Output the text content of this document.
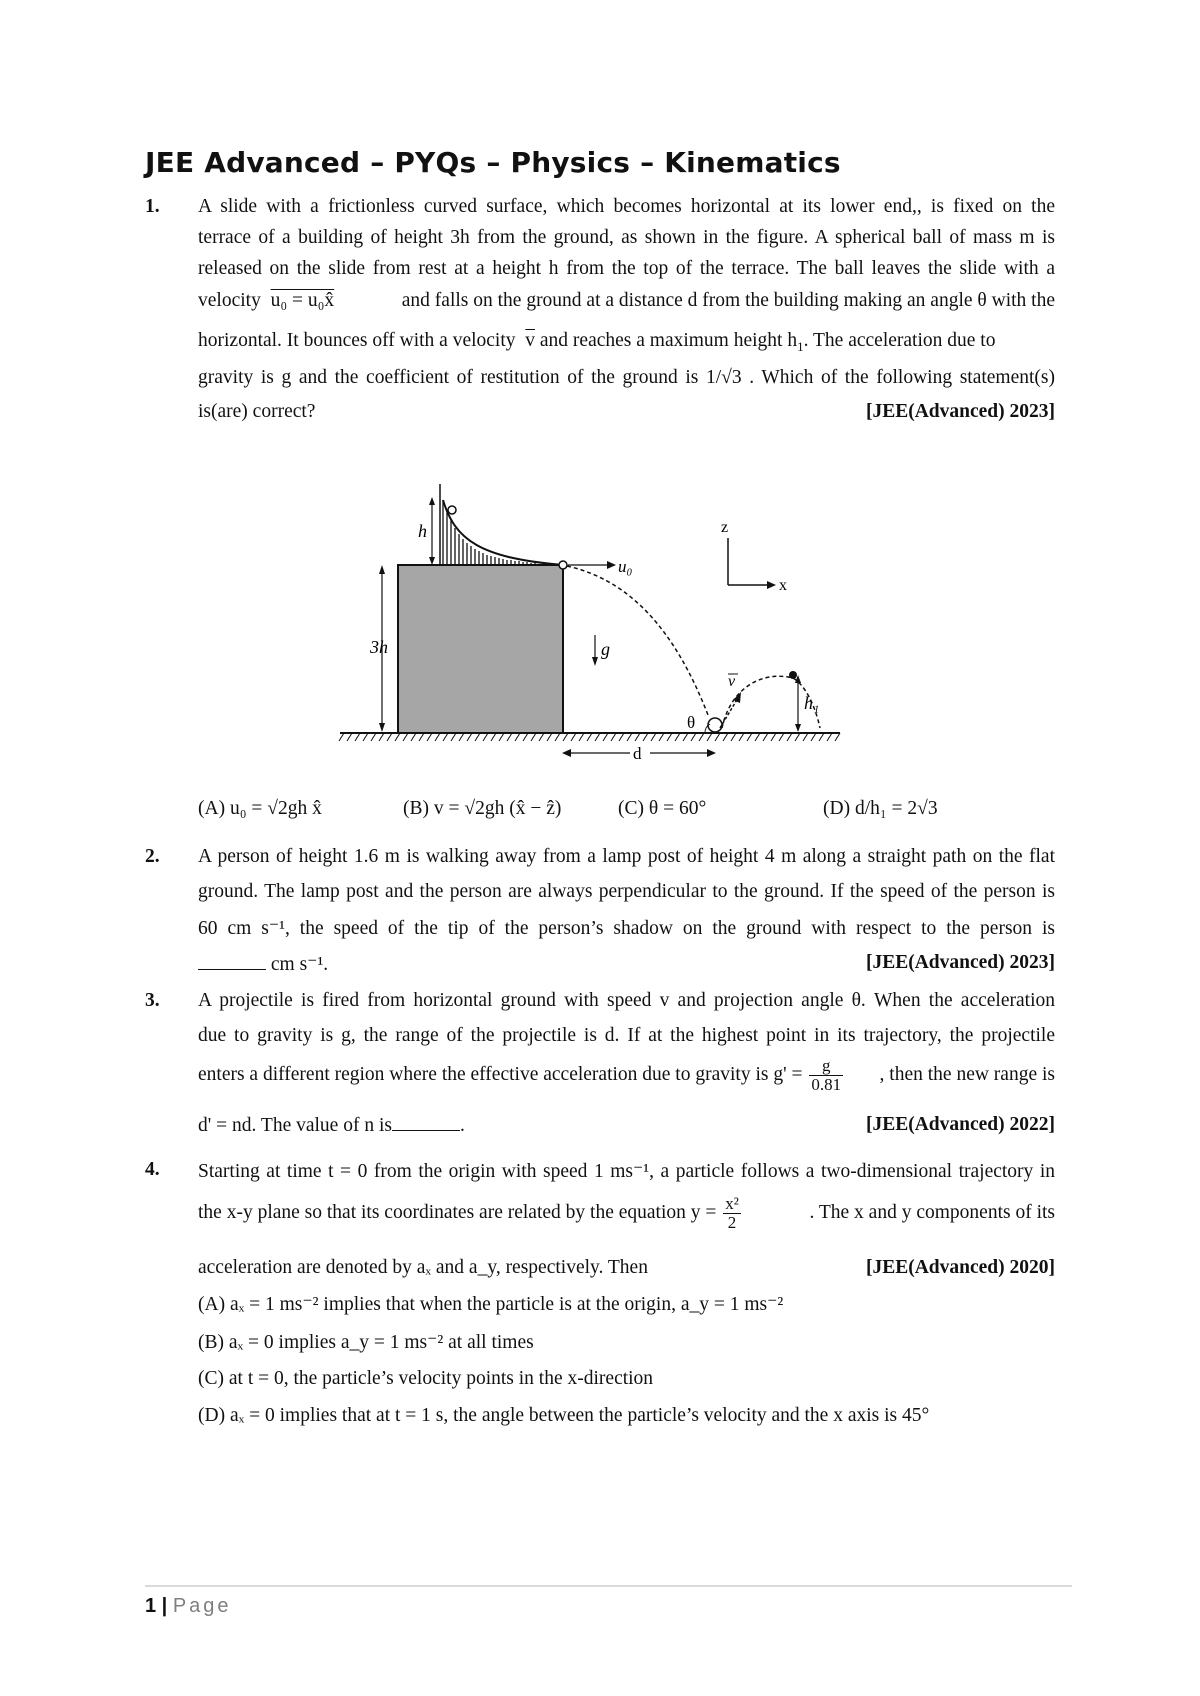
JEE Advanced – PYQs – Physics – Kinematics
1. A slide with a frictionless curved surface, which becomes horizontal at its lower end,, is fixed on the
terrace of a building of height 3h from the ground, as shown in the figure. A spherical ball of mass m is
released on the slide from rest at a height h from the top of the terrace. The ball leaves the slide with a
velocity u₀ = u₀x̂	and falls on the ground at a distance d from the building making an angle θ with the
horizontal. It bounces off with a velocity $\overline{v}$ and reaches a maximum height $h_1$. The acceleration due to
gravity is g and the coefficient of restitution of the ground is 1/√3 . Which of the following statement(s)
is(are) correct?	[JEE(Advanced) 2023]
h
3h
u₀
θ
v
h₁
g
d
z
x
(A) u₀ = √2gh x̂	(B) v = √2gh (x̂ − ẑ)	(C) θ = 60°	(D) d/h₁ = 2√3
2. A person of height 1.6 m is walking away from a lamp post of height 4 m along a straight path on the flat
ground. The lamp post and the person are always perpendicular to the ground. If the speed of the person is
60 cm s⁻¹, the speed of the tip of the person’s shadow on the ground with respect to the person is
cm s⁻¹.	[JEE(Advanced) 2023]
3. A projectile is fired from horizontal ground with speed v and projection angle θ. When the acceleration
due to gravity is g, the range of the projectile is d. If at the highest point in its trajectory, the projectile
enters a different region where the effective acceleration due to gravity is $g' = \frac{g}{0.81}$ , then the new range is
d' = nd. The value of n is	.	[JEE(Advanced) 2022]
4. Starting at time t = 0 from the origin with speed 1 ms⁻¹, a particle follows a two-dimensional trajectory in
the x-y plane so that its coordinates are related by the equation $y = \frac{\text{x²}}{2}$	. The x and y components of its
acceleration are denoted by aₓ and a_y, respectively. Then	[JEE(Advanced) 2020]
(A) aₓ = 1 ms⁻² implies that when the particle is at the origin, a_y = 1 ms⁻²
(B) aₓ = 0 implies a_y = 1 ms⁻² at all times
(C) at t = 0, the particle’s velocity points in the x-direction
(D) aₓ = 0 implies that at t = 1 s, the angle between the particle’s velocity and the x axis is 45°
1 | Page
